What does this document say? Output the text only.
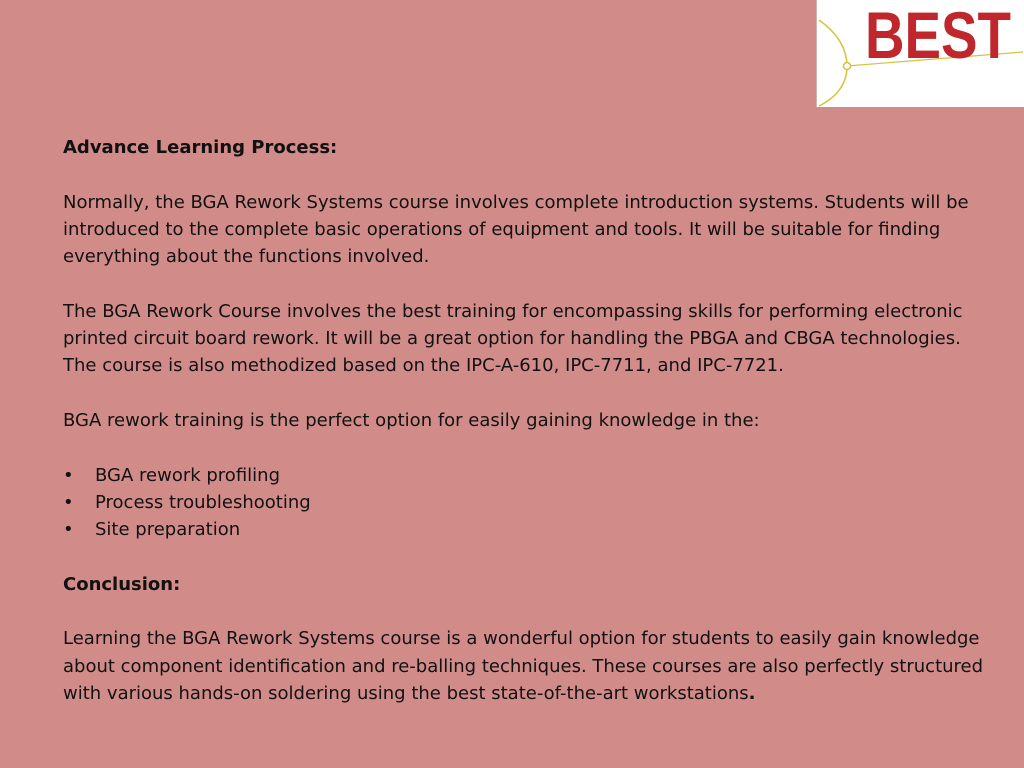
BEST

Advance Learning Process:

Normally, the BGA Rework Systems course involves complete introduction systems. Students will be introduced to the complete basic operations of equipment and tools. It will be suitable for finding everything about the functions involved.

The BGA Rework Course involves the best training for encompassing skills for performing electronic printed circuit board rework. It will be a great option for handling the PBGA and CBGA technologies. The course is also methodized based on the IPC-A-610, IPC-7711, and IPC-7721.

BGA rework training is the perfect option for easily gaining knowledge in the:

• BGA rework profiling
• Process troubleshooting
• Site preparation

Conclusion:

Learning the BGA Rework Systems course is a wonderful option for students to easily gain knowledge about component identification and re-balling techniques. These courses are also perfectly structured with various hands-on soldering using the best state-of-the-art workstations.
